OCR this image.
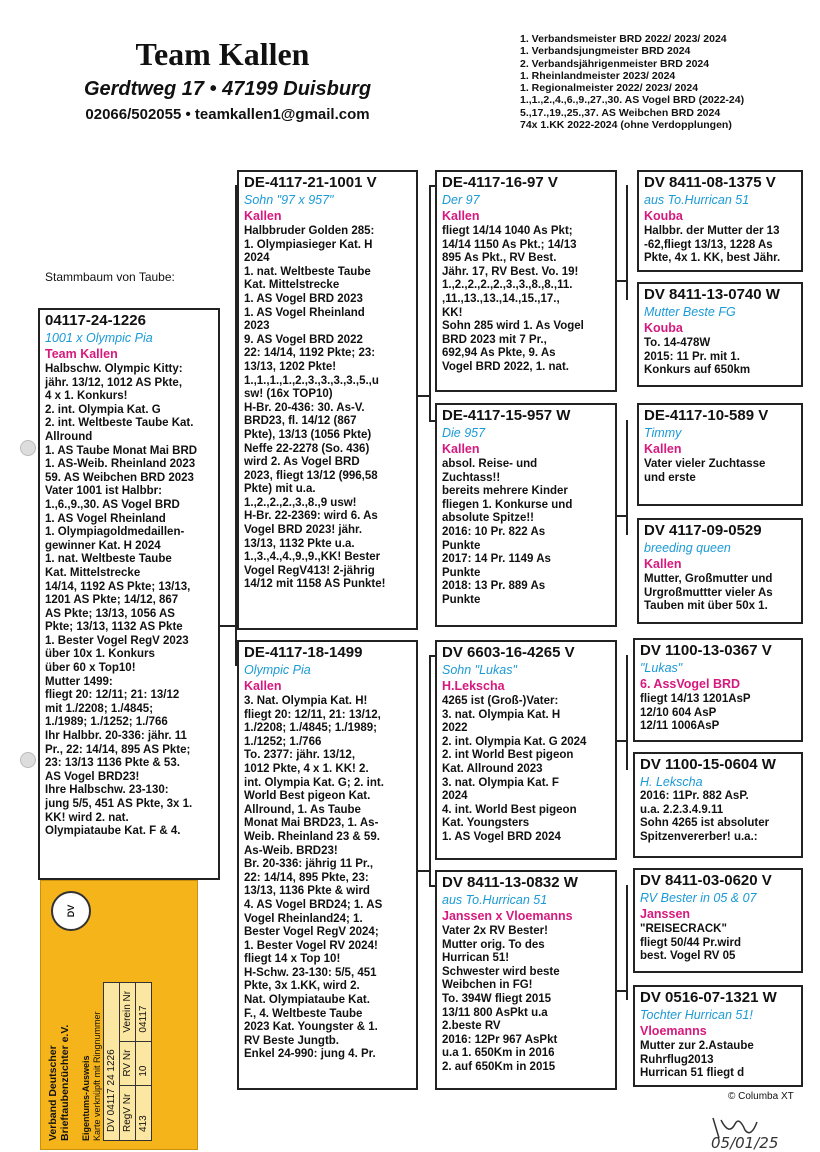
Team Kallen
Gerdtweg 17 • 47199 Duisburg
02066/502055 • teamkallen1@gmail.com
1. Verbandsmeister BRD 2022/ 2023/ 2024
1. Verbandsjungmeister BRD 2024
2. Verbandsjährigenmeister BRD 2024
1. Rheinlandmeister 2023/ 2024
1. Regionalmeister 2022/ 2023/ 2024
1.,1.,2.,4.,6.,9.,27.,30. AS Vogel BRD (2022-24)
5.,17.,19.,25.,37. AS Weibchen BRD 2024
74x 1.KK 2022-2024 (ohne Verdopplungen)
Stammbaum von Taube:
04117-24-1226
1001 x Olympic Pia
Team Kallen
Halbschw. Olympic Kitty:
jähr. 13/12, 1012 AS Pkte,
4 x 1. Konkurs!
2. int. Olympia Kat. G
2. int. Weltbeste Taube Kat.
Allround
1. AS Taube Monat Mai BRD
1. AS-Weib. Rheinland 2023
59. AS Weibchen BRD 2023
Vater 1001 ist Halbbr:
1.,6.,9.,30. AS Vogel BRD
1. AS Vogel Rheinland
1. Olympiagoldmedaillen-
gewinner Kat. H 2024
1. nat. Weltbeste Taube
Kat. Mittelstrecke
14/14, 1192 AS Pkte; 13/13,
1201 AS Pkte; 14/12, 867
AS Pkte; 13/13, 1056 AS
Pkte; 13/13, 1132 AS Pkte
1. Bester Vogel RegV 2023
über 10x 1. Konkurs
über 60 x Top10!
Mutter 1499:
fliegt 20: 12/11; 21: 13/12
mit 1./2208; 1./4845;
1./1989; 1./1252; 1./766
Ihr Halbbr. 20-336: jähr. 11
Pr., 22: 14/14, 895 AS Pkte;
23: 13/13 1136 Pkte & 53.
AS Vogel BRD23!
Ihre Halbschw. 23-130:
jung 5/5, 451 AS Pkte, 3x 1.
KK! wird 2. nat.
Olympiataube Kat. F & 4.
DE-4117-21-1001 V
Sohn "97 x 957"
Kallen
Halbbruder Golden 285:
1. Olympiasieger Kat. H
2024
1. nat. Weltbeste Taube
Kat. Mittelstrecke
1. AS Vogel BRD 2023
1. AS Vogel Rheinland
2023
9. AS Vogel BRD 2022
22: 14/14, 1192 Pkte; 23:
13/13, 1202 Pkte!
1.,1.,1.,1.,2.,3.,3.,3.,3.,5.,u
sw! (16x TOP10)
H-Br. 20-436: 30. As-V.
BRD23, fl. 14/12 (867
Pkte), 13/13 (1056 Pkte)
Neffe 22-2278 (So. 436)
wird 2. As Vogel BRD
2023, fliegt 13/12 (996,58
Pkte) mit u.a.
1.,2.,2.,2.,3.,8.,9 usw!
H-Br. 22-2369: wird 6. As
Vogel BRD 2023! jähr.
13/13, 1132 Pkte u.a.
1.,3.,4.,4.,9.,9.,KK! Bester
Vogel RegV413! 2-jährig
14/12 mit 1158 AS Punkte!
DE-4117-18-1499
Olympic Pia
Kallen
3. Nat. Olympia Kat. H!
fliegt 20: 12/11, 21: 13/12,
1./2208; 1./4845; 1./1989;
1./1252; 1./766
To. 2377: jähr. 13/12,
1012 Pkte, 4 x 1. KK! 2.
int. Olympia Kat. G; 2. int.
World Best pigeon Kat.
Allround, 1. As Taube
Monat Mai BRD23, 1. As-
Weib. Rheinland 23 & 59.
As-Weib. BRD23!
Br. 20-336: jährig 11 Pr.,
22: 14/14, 895 Pkte, 23:
13/13, 1136 Pkte & wird
4. AS Vogel BRD24; 1. AS
Vogel Rheinland24; 1.
Bester Vogel RegV 2024;
1. Bester Vogel RV 2024!
fliegt 14 x Top 10!
H-Schw. 23-130: 5/5, 451
Pkte, 3x 1.KK, wird 2.
Nat. Olympiataube Kat.
F., 4. Weltbeste Taube
2023 Kat. Youngster & 1.
RV Beste Jungtb.
Enkel 24-990: jung 4. Pr.
DE-4117-16-97 V
Der 97
Kallen
fliegt 14/14 1040 As Pkt;
14/14 1150 As Pkt.; 14/13
895 As Pkt., RV Best.
Jähr. 17, RV Best. Vo. 19!
1.,2.,2.,2.,2.,3.,3.,8.,8.,11.
,11.,13.,13.,14.,15.,17.,
KK!
Sohn 285 wird 1. As Vogel
BRD 2023 mit 7 Pr.,
692,94 As Pkte, 9. As
Vogel BRD 2022, 1. nat.
DE-4117-15-957 W
Die 957
Kallen
absol. Reise- und
Zuchtass!!
bereits mehrere Kinder
fliegen 1. Konkurse und
absolute Spitze!!
2016: 10 Pr. 822 As
Punkte
2017: 14 Pr. 1149 As
Punkte
2018: 13 Pr. 889 As
Punkte
DV 6603-16-4265 V
Sohn "Lukas"
H.Lekscha
4265 ist (Groß-)Vater:
3. nat. Olympia Kat. H
2022
2. int. Olympia Kat. G 2024
2. int World Best pigeon
Kat. Allround 2023
3. nat. Olympia Kat. F
2024
4. int. World Best pigeon
Kat. Youngsters
1. AS Vogel BRD 2024
DV 8411-13-0832 W
aus To.Hurrican 51
Janssen x Vloemanns
Vater 2x RV Bester!
Mutter orig. To des
Hurrican 51!
Schwester wird beste
Weibchen in FG!
To. 394W fliegt 2015
13/11 800 AsPkt u.a
2.beste RV
2016: 12Pr 967 AsPkt
u.a 1. 650Km in 2016
2. auf 650Km in 2015
DV 8411-08-1375 V
aus To.Hurrican 51
Kouba
Halbbr. der Mutter der 13
-62,fliegt 13/13, 1228 As
Pkte, 4x 1. KK, best Jähr.
DV 8411-13-0740 W
Mutter Beste FG
Kouba
To. 14-478W
2015: 11 Pr. mit 1.
Konkurs auf 650km
DE-4117-10-589 V
Timmy
Kallen
Vater vieler Zuchtasse
und erste
DV 4117-09-0529
breeding queen
Kallen
Mutter, Großmutter und
Urgroßmuttter vieler As
Tauben mit über 50x 1.
DV 1100-13-0367 V
"Lukas"
6. AssVogel BRD
fliegt 14/13 1201AsP
12/10 604 AsP
12/11 1006AsP
DV 1100-15-0604 W
H. Lekscha
2016: 11Pr. 882 AsP.
u.a. 2.2.3.4.9.11
Sohn 4265 ist absoluter
Spitzenvererber! u.a.:
DV 8411-03-0620 V
RV Bester in 05 & 07
Janssen
"REISECRACK"
fliegt 50/44 Pr.wird
best. Vogel RV 05
DV 0516-07-1321 W
Tochter Hurrican 51!
Vloemanns
Mutter zur 2.Astaube
Ruhrflug2013
Hurrican 51 fliegt d
Verband Deutscher Brieftaubenzüchter e.V. Eigentums-Ausweis Karte verknüpft mit Ringnummer DV 04117 24 1226		
RegV Nr	RV Nr	Verein Nr
413	10	04117
DV
© Columba XT
05/01/25
